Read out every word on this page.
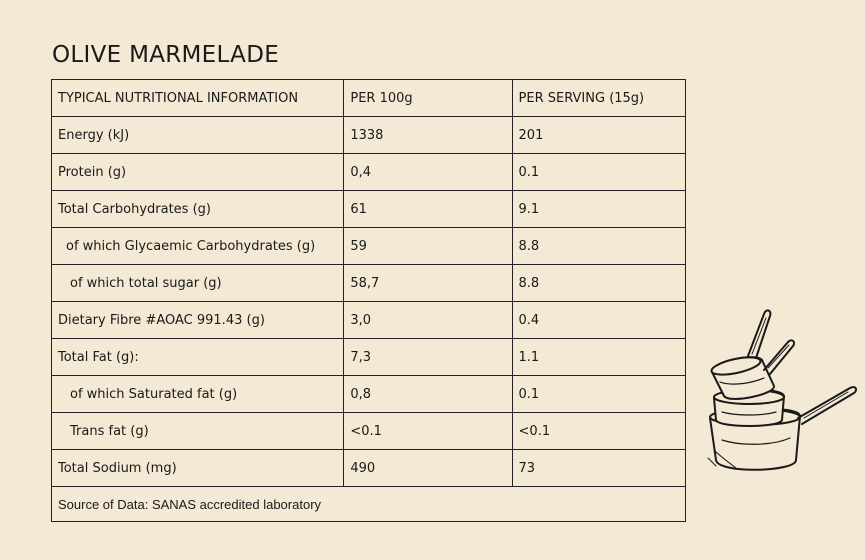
OLIVE MARMELADE
TYPICAL NUTRITIONAL INFORMATION	PER 100g	PER SERVING (15g)
Energy (kJ)	1338	201
Protein (g)	0,4	0.1
Total Carbohydrates (g)	61	9.1
of which Glycaemic Carbohydrates (g)	59	8.8
of which total sugar (g)	58,7	8.8
Dietary Fibre #AOAC 991.43 (g)	3,0	0.4
Total Fat (g):	7,3	1.1
of which Saturated fat (g)	0,8	0.1
Trans fat (g)	<0.1	<0.1
Total Sodium (mg)	490	73
Source of Data: SANAS accredited laboratory		
